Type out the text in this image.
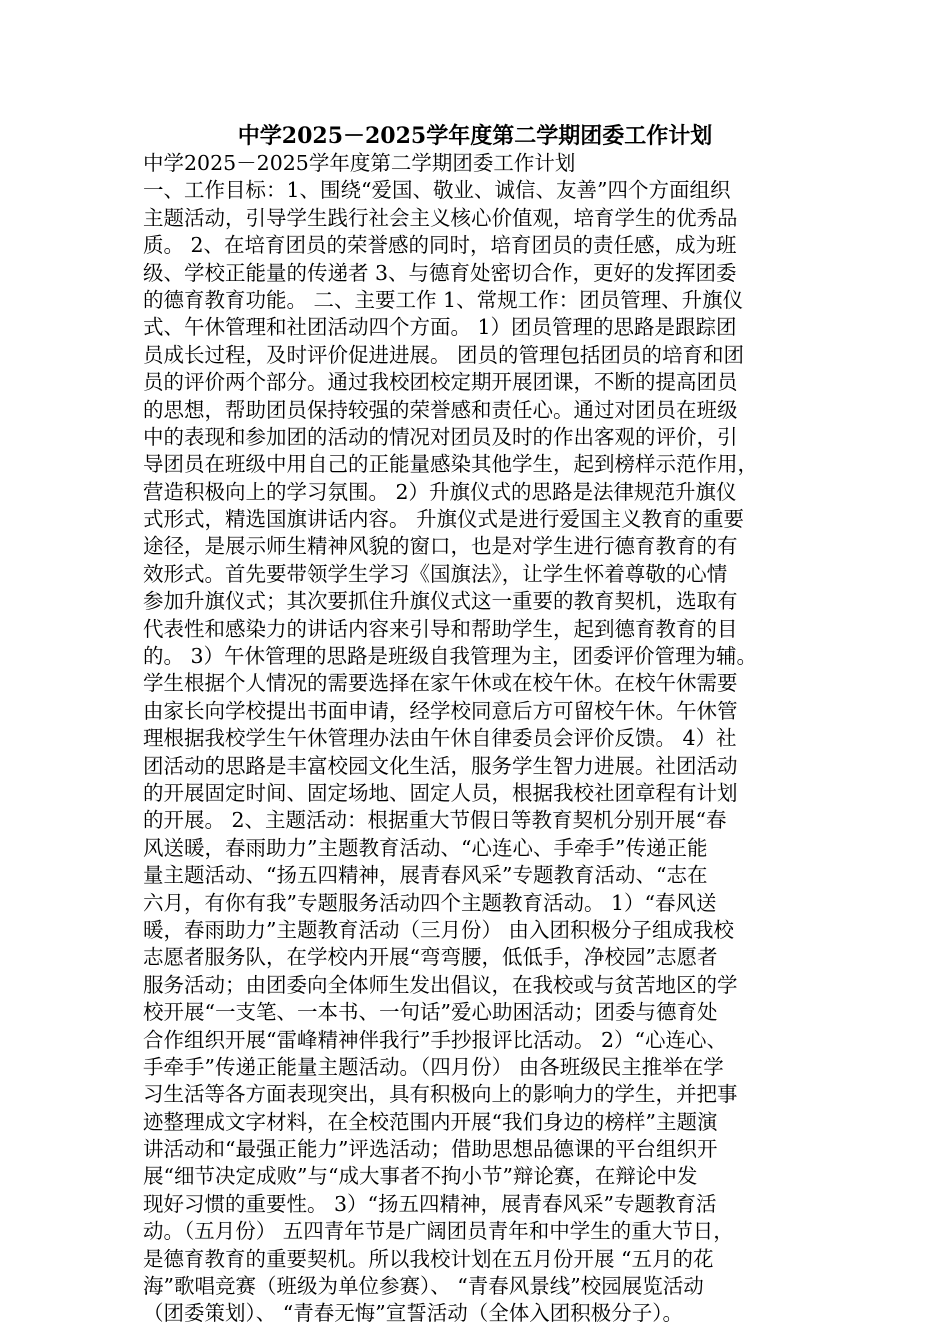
中学2025－2025学年度第二学期团委工作计划
中学2025－2025学年度第二学期团委工作计划
一、工作目标：1、围绕“爱国、敬业、诚信、友善”四个方面组织
主题活动，引导学生践行社会主义核心价值观，培育学生的优秀品
质。 2、在培育团员的荣誉感的同时，培育团员的责任感，成为班
级、学校正能量的传递者 3、与德育处密切合作，更好的发挥团委
的德育教育功能。 二、主要工作 1、常规工作：团员管理、升旗仪
式、午休管理和社团活动四个方面。 1）团员管理的思路是跟踪团
员成长过程，及时评价促进进展。 团员的管理包括团员的培育和团
员的评价两个部分。通过我校团校定期开展团课，不断的提高团员
的思想，帮助团员保持较强的荣誉感和责任心。通过对团员在班级
中的表现和参加团的活动的情况对团员及时的作出客观的评价，引
导团员在班级中用自己的正能量感染其他学生，起到榜样示范作用，
营造积极向上的学习氛围。 2）升旗仪式的思路是法律规范升旗仪
式形式，精选国旗讲话内容。 升旗仪式是进行爱国主义教育的重要
途径，是展示师生精神风貌的窗口，也是对学生进行德育教育的有
效形式。首先要带领学生学习《国旗法》，让学生怀着尊敬的心情
参加升旗仪式；其次要抓住升旗仪式这一重要的教育契机，选取有
代表性和感染力的讲话内容来引导和帮助学生，起到德育教育的目
的。 3）午休管理的思路是班级自我管理为主，团委评价管理为辅。
学生根据个人情况的需要选择在家午休或在校午休。在校午休需要
由家长向学校提出书面申请，经学校同意后方可留校午休。午休管
理根据我校学生午休管理办法由午休自律委员会评价反馈。 4）社
团活动的思路是丰富校园文化生活，服务学生智力进展。社团活动
的开展固定时间、固定场地、固定人员，根据我校社团章程有计划
的开展。 2、主题活动：根据重大节假日等教育契机分别开展“春
风送暖，春雨助力”主题教育活动、“心连心、手牵手”传递正能
量主题活动、“扬五四精神，展青春风采”专题教育活动、“志在
六月，有你有我”专题服务活动四个主题教育活动。 1）“春风送
暖，春雨助力”主题教育活动（三月份） 由入团积极分子组成我校
志愿者服务队，在学校内开展“弯弯腰，低低手，净校园”志愿者
服务活动；由团委向全体师生发出倡议，在我校或与贫苦地区的学
校开展“一支笔、一本书、一句话”爱心助困活动；团委与德育处
合作组织开展“雷峰精神伴我行”手抄报评比活动。 2）“心连心、
手牵手”传递正能量主题活动。（四月份） 由各班级民主推举在学
习生活等各方面表现突出，具有积极向上的影响力的学生，并把事
迹整理成文字材料，在全校范围内开展“我们身边的榜样”主题演
讲活动和“最强正能力”评选活动；借助思想品德课的平台组织开
展“细节决定成败”与“成大事者不拘小节”辩论赛，在辩论中发
现好习惯的重要性。 3）“扬五四精神，展青春风采”专题教育活
动。（五月份） 五四青年节是广阔团员青年和中学生的重大节日，
是德育教育的重要契机。所以我校计划在五月份开展 “五月的花
海”歌唱竞赛（班级为单位参赛）、 “青春风景线”校园展览活动
（团委策划）、 “青春无悔”宣誓活动（全体入团积极分子）。
